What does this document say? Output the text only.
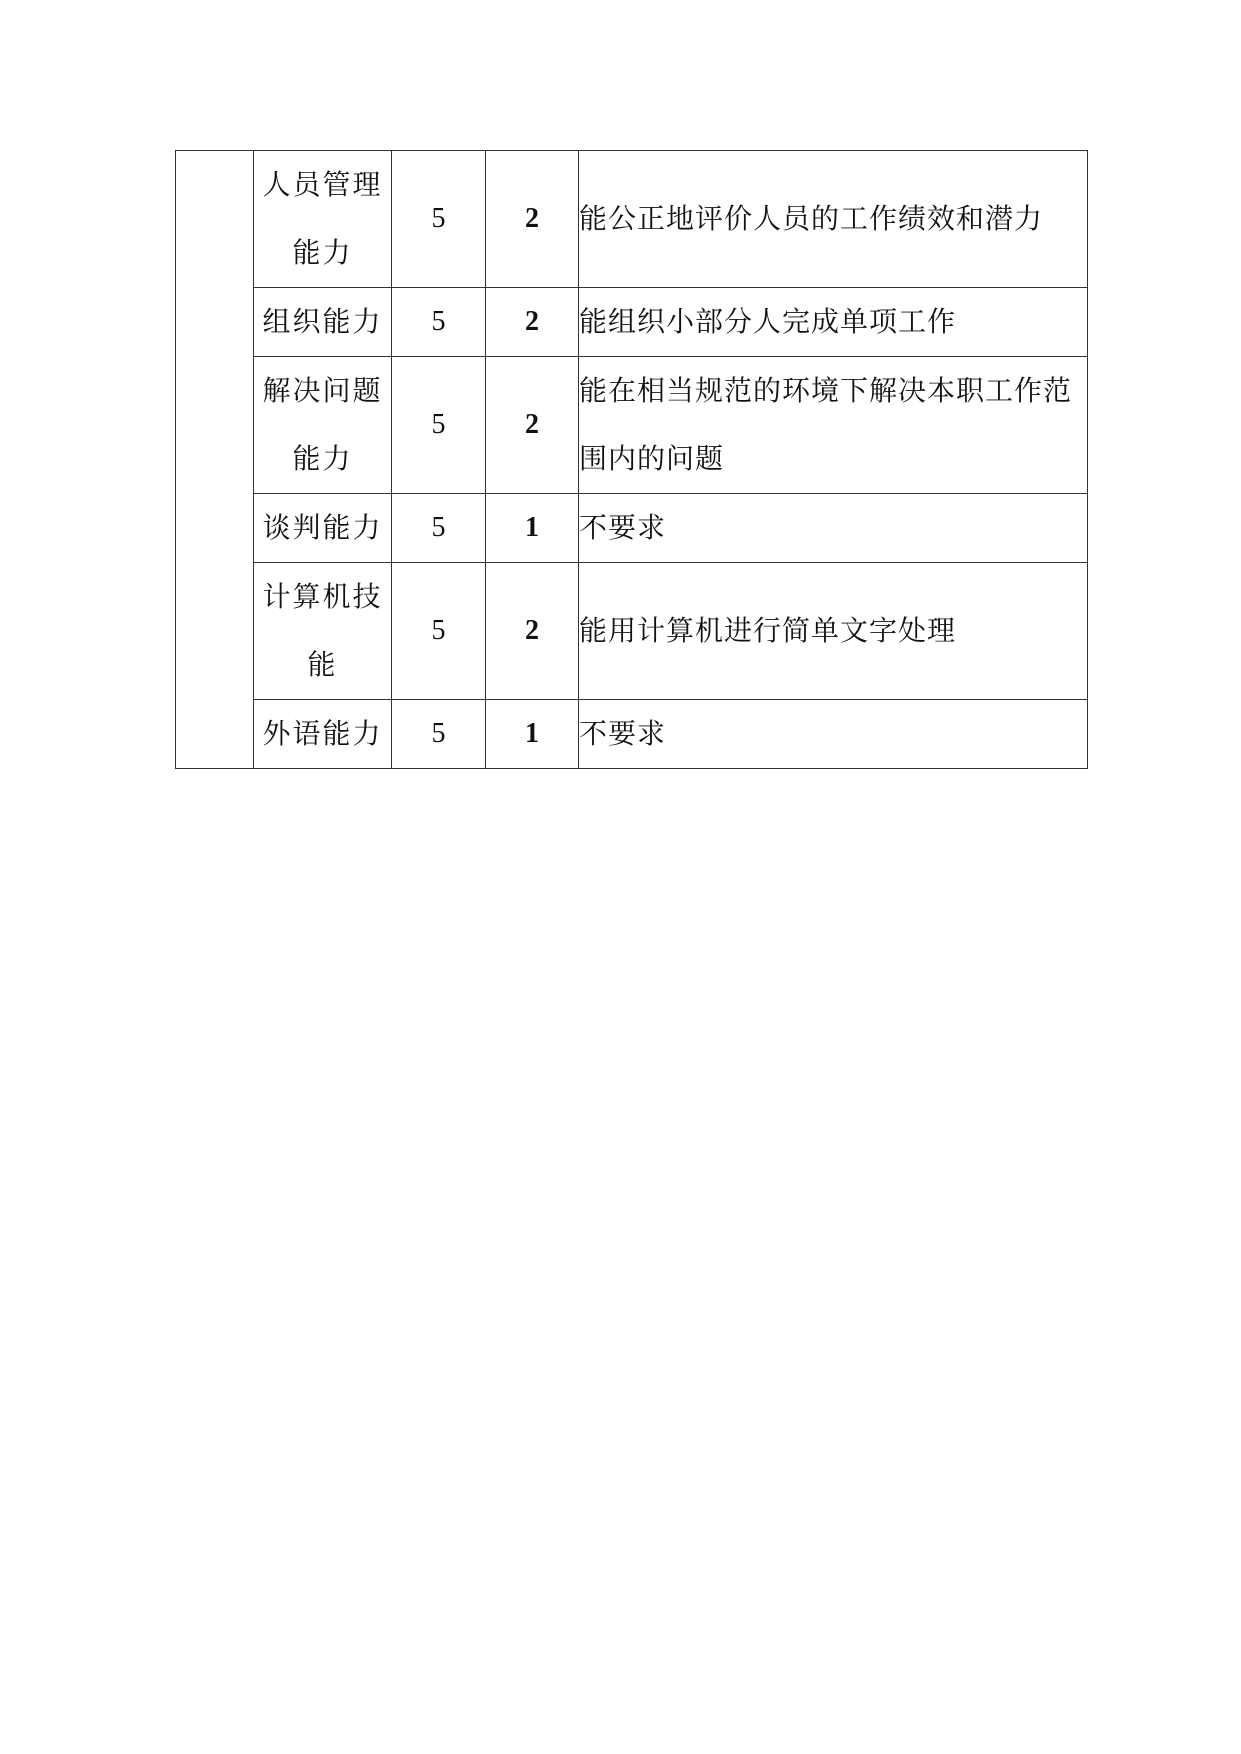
	人员管理能力	5	2	能公正地评价人员的工作绩效和潜力

	组织能力	5	2	能组织小部分人完成单项工作

	解决问题能力	5	2	能在相当规范的环境下解决本职工作范围内的问题

	谈判能力	5	1	不要求

	计算机技能	5	2	能用计算机进行简单文字处理

	外语能力	5	1	不要求
